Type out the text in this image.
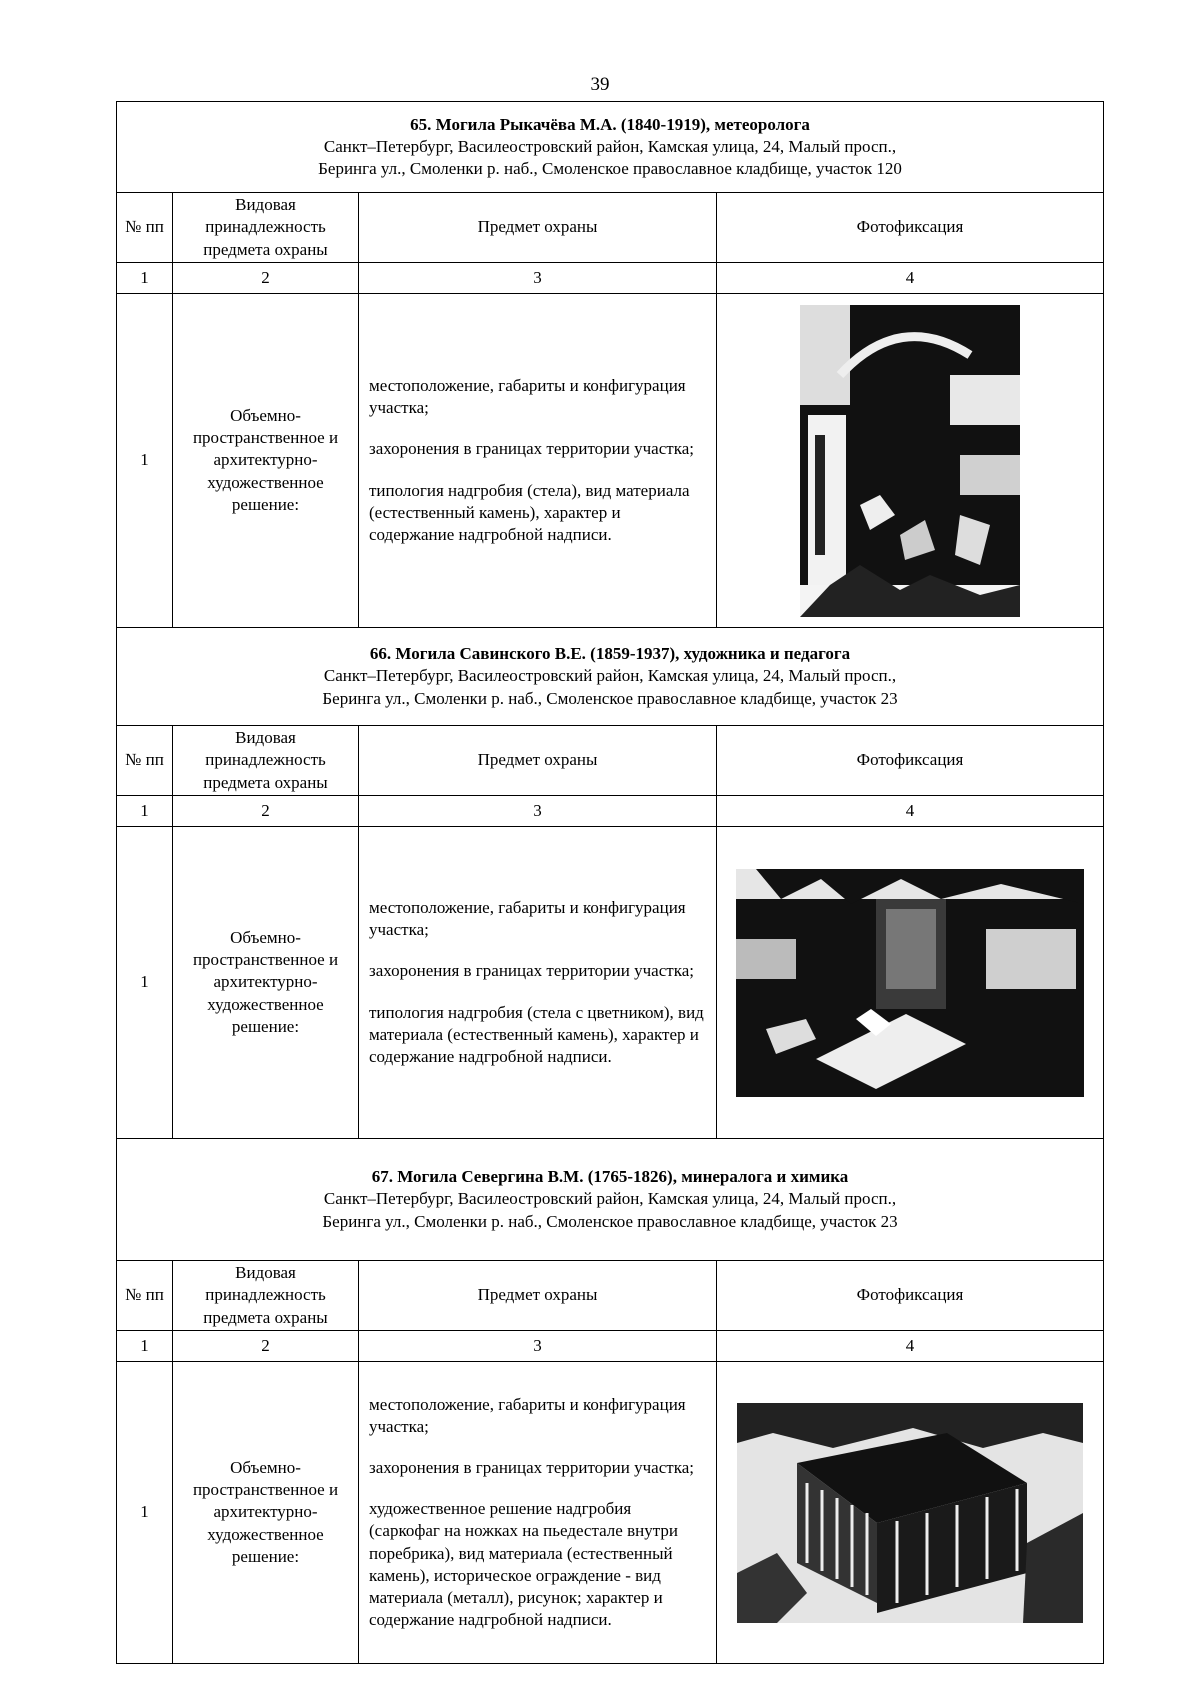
39
65. Могила Рыкачёва М.А. (1840-1919), метеоролога
Санкт–Петербург, Василеостровский район, Камская улица, 24, Малый просп.,
Беринга ул., Смоленки р. наб., Смоленское православное кладбище, участок 120			

№ пп	Видовая принадлежность предмета охраны	Предмет охраны	Фотофиксация
1	2	3	4
1	Объемно-пространственное и архитектурно-художественное решение:	местоположение, габариты и конфигурация участка;

захоронения в границах территории участка;

типология надгробия (стела), вид материала (естественный камень), характер и содержание надгробной надписи.

66. Могила Савинского В.Е. (1859-1937), художника и педагога
Санкт–Петербург, Василеостровский район, Камская улица, 24, Малый просп.,
Беринга ул., Смоленки р. наб., Смоленское православное кладбище, участок 23			

№ пп	Видовая принадлежность предмета охраны	Предмет охраны	Фотофиксация
1	2	3	4
1	Объемно-пространственное и архитектурно-художественное решение:	местоположение, габариты и конфигурация участка;

захоронения в границах территории участка;

типология надгробия (стела с цветником), вид материала (естественный камень), характер и содержание надгробной надписи.

67. Могила Севергина В.М. (1765-1826), минералога и химика
Санкт–Петербург, Василеостровский район, Камская улица, 24, Малый просп.,
Беринга ул., Смоленки р. наб., Смоленское православное кладбище, участок 23			

№ пп	Видовая принадлежность предмета охраны	Предмет охраны	Фотофиксация
1	2	3	4
1	Объемно-пространственное и архитектурно-художественное решение:	местоположение, габариты и конфигурация участка;

захоронения в границах территории участка;

художественное решение надгробия (саркофаг на ножках на пьедестале внутри поребрика), вид материала (естественный камень), историческое ограждение - вид материала (металл), рисунок; характер и содержание надгробной надписи.
